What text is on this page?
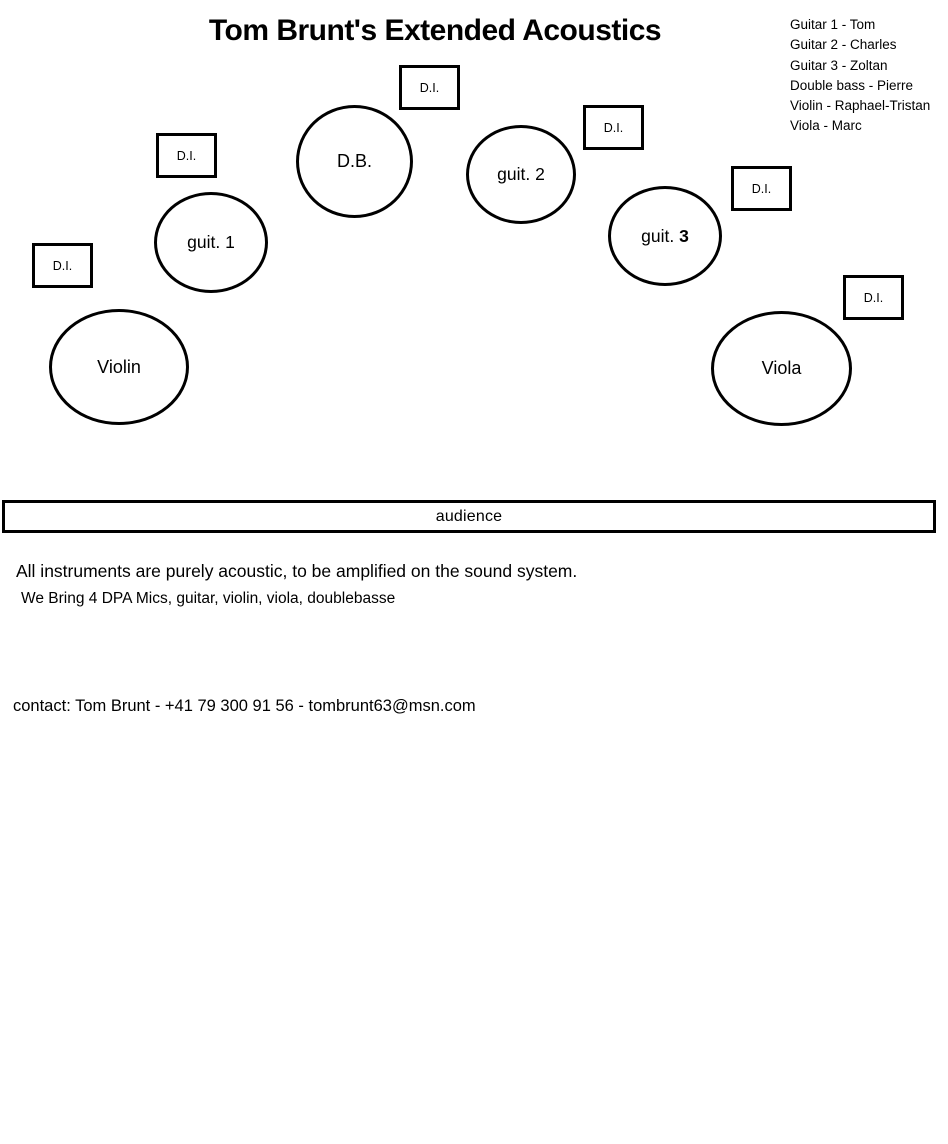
Tom Brunt's Extended Acoustics	Guitar 1 - Tom
Guitar 2 - Charles
Guitar 3 - Zoltan
Double bass - Pierre
Violin - Raphael-Tristan
Viola - Marc
D.I.
D.I.
D.I.
D.I.
D.I.
D.I.
Violin
guit. 1
D.B.
guit. 2
guit. 3
Viola
audience
All instruments are purely acoustic, to be amplified on the sound system.
We Bring 4 DPA Mics, guitar, violin, viola, doublebasse
contact: Tom Brunt - +41 79 300 91 56 - tombrunt63@msn.com
